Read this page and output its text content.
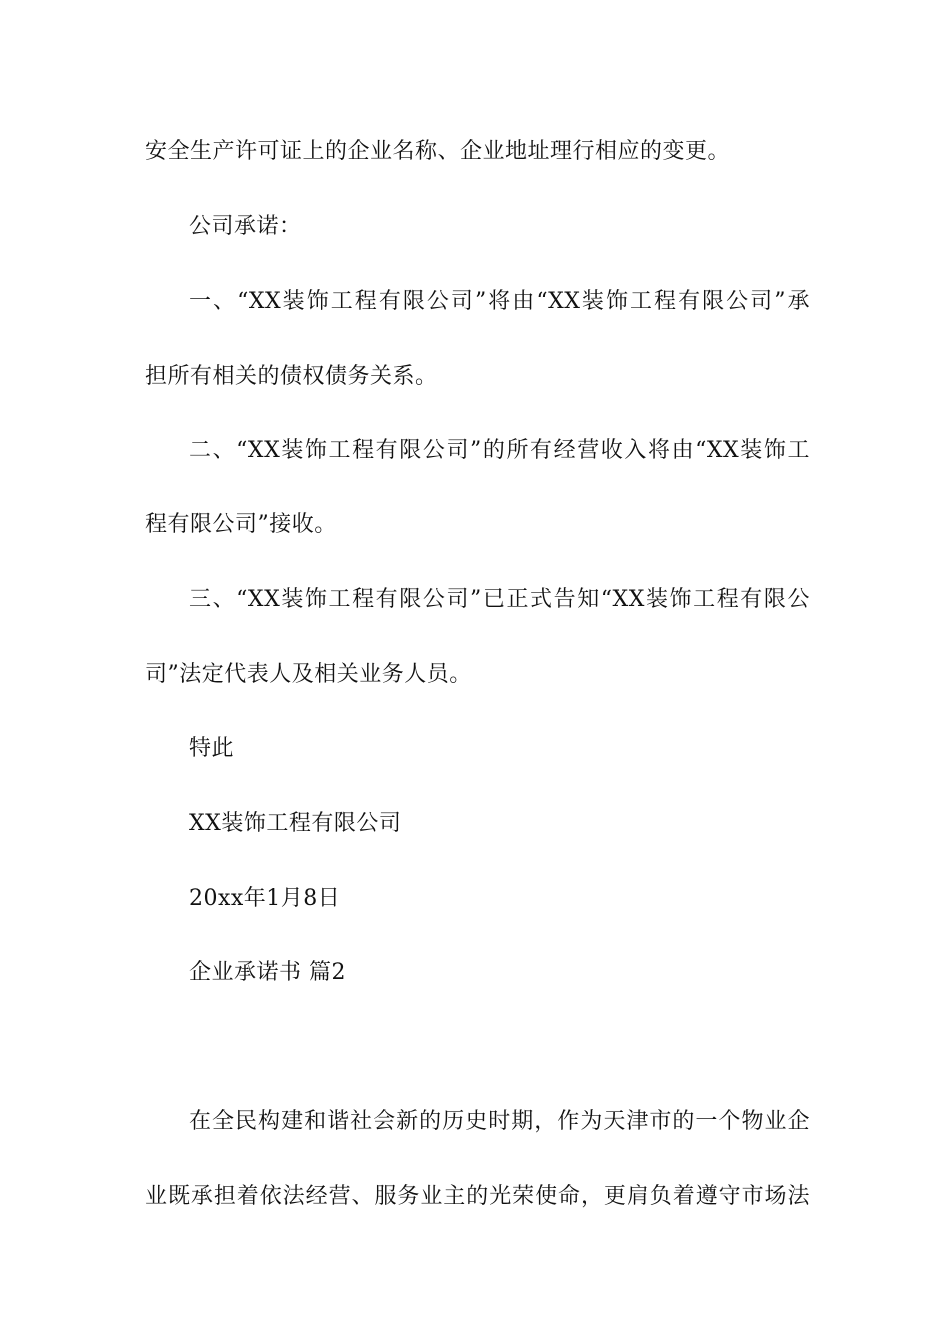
安全生产许可证上的企业名称、企业地址理行相应的变更。
公司承诺：
一、“XX装饰工程有限公司”将由“XX装饰工程有限公司”承
担所有相关的债权债务关系。
二、“XX装饰工程有限公司”的所有经营收入将由“XX装饰工
程有限公司”接收。
三、“XX装饰工程有限公司”已正式告知“XX装饰工程有限公
司”法定代表人及相关业务人员。
特此
XX装饰工程有限公司
20xx年1月8日
企业承诺书 篇2
在全民构建和谐社会新的历史时期，作为天津市的一个物业企
业既承担着依法经营、服务业主的光荣使命，更肩负着遵守市场法
